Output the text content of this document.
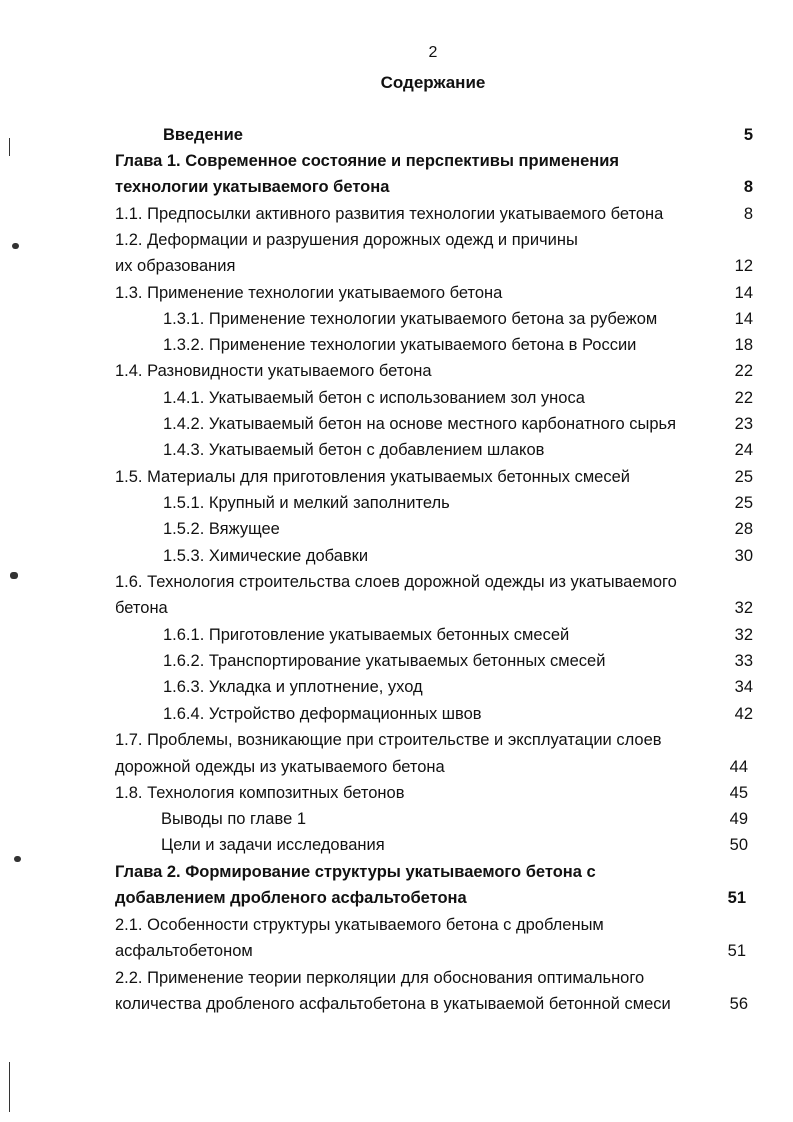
2
Содержание
Введение	5
Глава 1. Современное состояние и перспективы применения
технологии укатываемого бетона	8
1.1. Предпосылки активного развития технологии укатываемого бетона	8
1.2. Деформации и разрушения дорожных одежд и причины
их образования	12
1.3. Применение технологии укатываемого бетона	14
1.3.1. Применение технологии укатываемого бетона за рубежом	14
1.3.2. Применение технологии укатываемого бетона в России	18
1.4. Разновидности укатываемого бетона	22
1.4.1. Укатываемый бетон с использованием зол уноса	22
1.4.2. Укатываемый бетон на основе местного карбонатного сырья	23
1.4.3. Укатываемый бетон с добавлением шлаков	24
1.5. Материалы для приготовления укатываемых бетонных смесей	25
1.5.1. Крупный и мелкий заполнитель	25
1.5.2. Вяжущее	28
1.5.3. Химические добавки	30
1.6. Технология строительства слоев дорожной одежды из укатываемого
бетона	32
1.6.1. Приготовление укатываемых бетонных смесей	32
1.6.2. Транспортирование укатываемых бетонных смесей	33
1.6.3. Укладка и уплотнение, уход	34
1.6.4. Устройство деформационных швов	42
1.7. Проблемы, возникающие при строительстве и эксплуатации слоев
дорожной одежды из укатываемого бетона	44
1.8. Технология композитных бетонов	45
Выводы по главе 1	49
Цели и задачи исследования	50
Глава 2. Формирование структуры укатываемого бетона с
добавлением дробленого асфальтобетона	51
2.1. Особенности структуры укатываемого бетона с дробленым
асфальтобетоном	51
2.2. Применение теории перколяции для обоснования оптимального
количества дробленого асфальтобетона в укатываемой бетонной смеси	56
